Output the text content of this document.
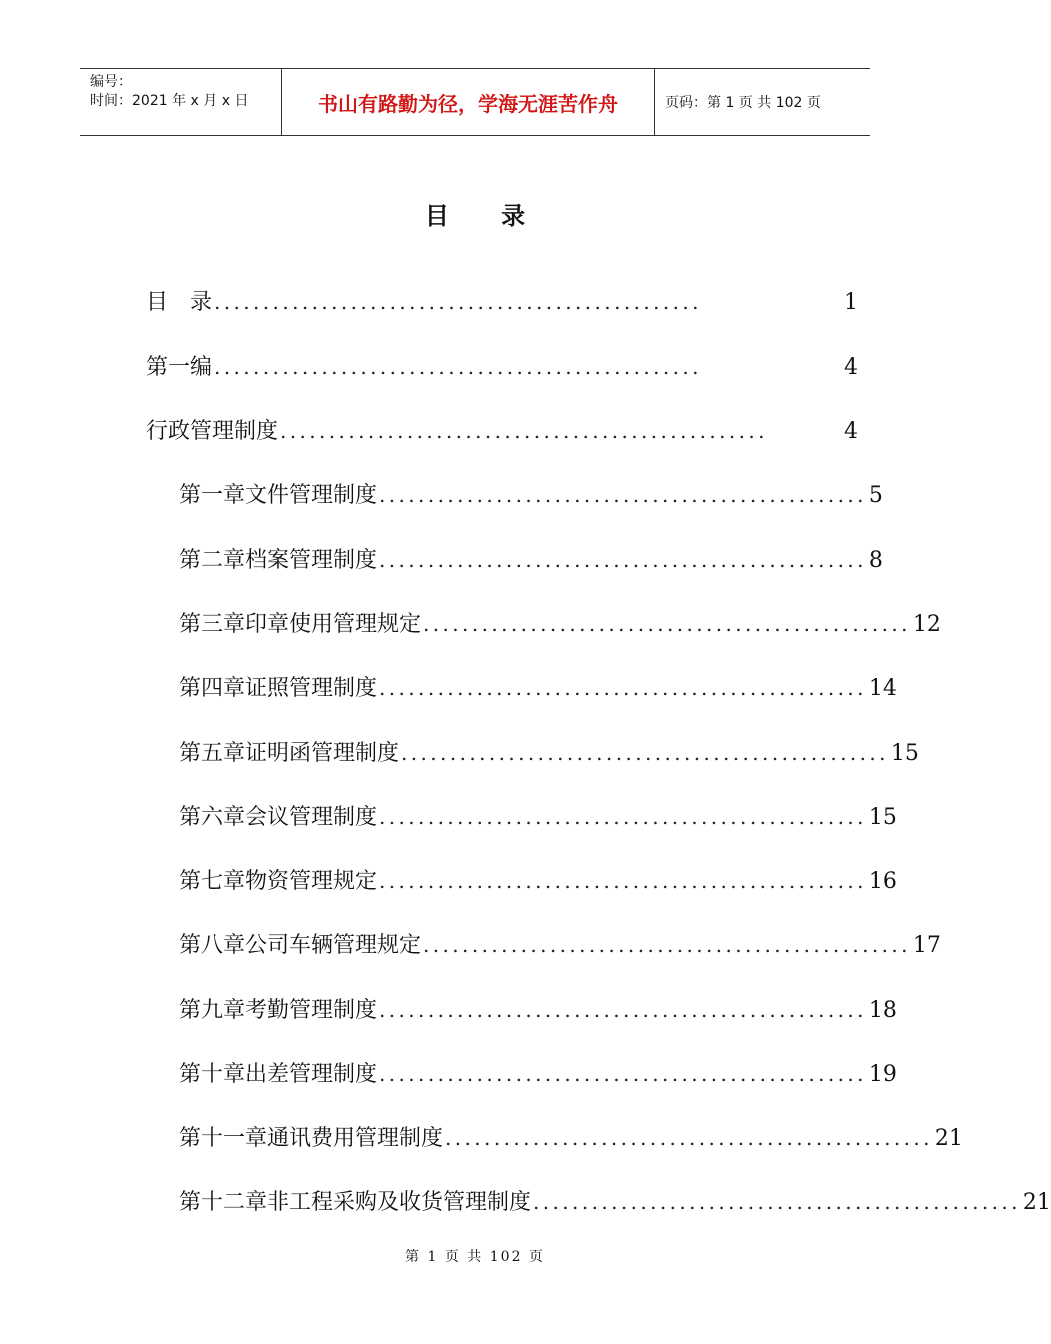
编号：
时间：2021 年 x 月 x 日	书山有路勤为径，学海无涯苦作舟	页码：第 1 页 共 102 页
目 录
目　录 ..................................................	1
第一编 ..................................................	4
行政管理制度 ..................................................	4
第一章 文件管理制度 .................................................. 5
第二章 档案管理制度 .................................................. 8
第三章 印章使用管理规定 .................................................. 12
第四章 证照管理制度 .................................................. 14
第五章 证明函管理制度 .................................................. 15
第六章 会议管理制度 .................................................. 15
第七章 物资管理规定 .................................................. 16
第八章 公司车辆管理规定 .................................................. 17
第九章 考勤管理制度 .................................................. 18
第十章 出差管理制度 .................................................. 19
第十一章 通讯费用管理制度 .................................................. 21
第十二章 非工程采购及收货管理制度 .................................................. 21
第 1 页 共 102 页
